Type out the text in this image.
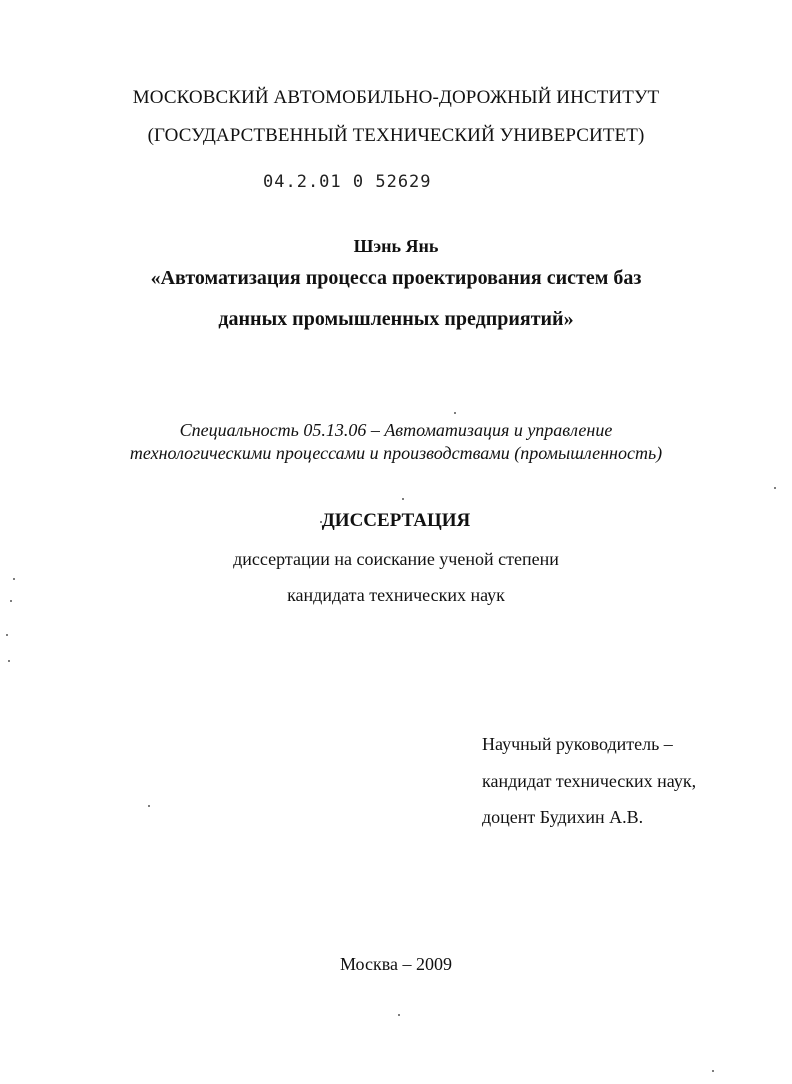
МОСКОВСКИЙ АВТОМОБИЛЬНО-ДОРОЖНЫЙ ИНСТИТУТ
(ГОСУДАРСТВЕННЫЙ ТЕХНИЧЕСКИЙ УНИВЕРСИТЕТ)
04.2.01 0 52629
Шэнь Янь
«Автоматизация процесса проектирования систем баз
данных промышленных предприятий»
Специальность 05.13.06 – Автоматизация и управление
технологическими процессами и производствами (промышленность)
ДИССЕРТАЦИЯ
диссертации на соискание ученой степени
кандидата технических наук
Научный руководитель –
кандидат технических наук,
доцент Будихин А.В.
Москва – 2009
